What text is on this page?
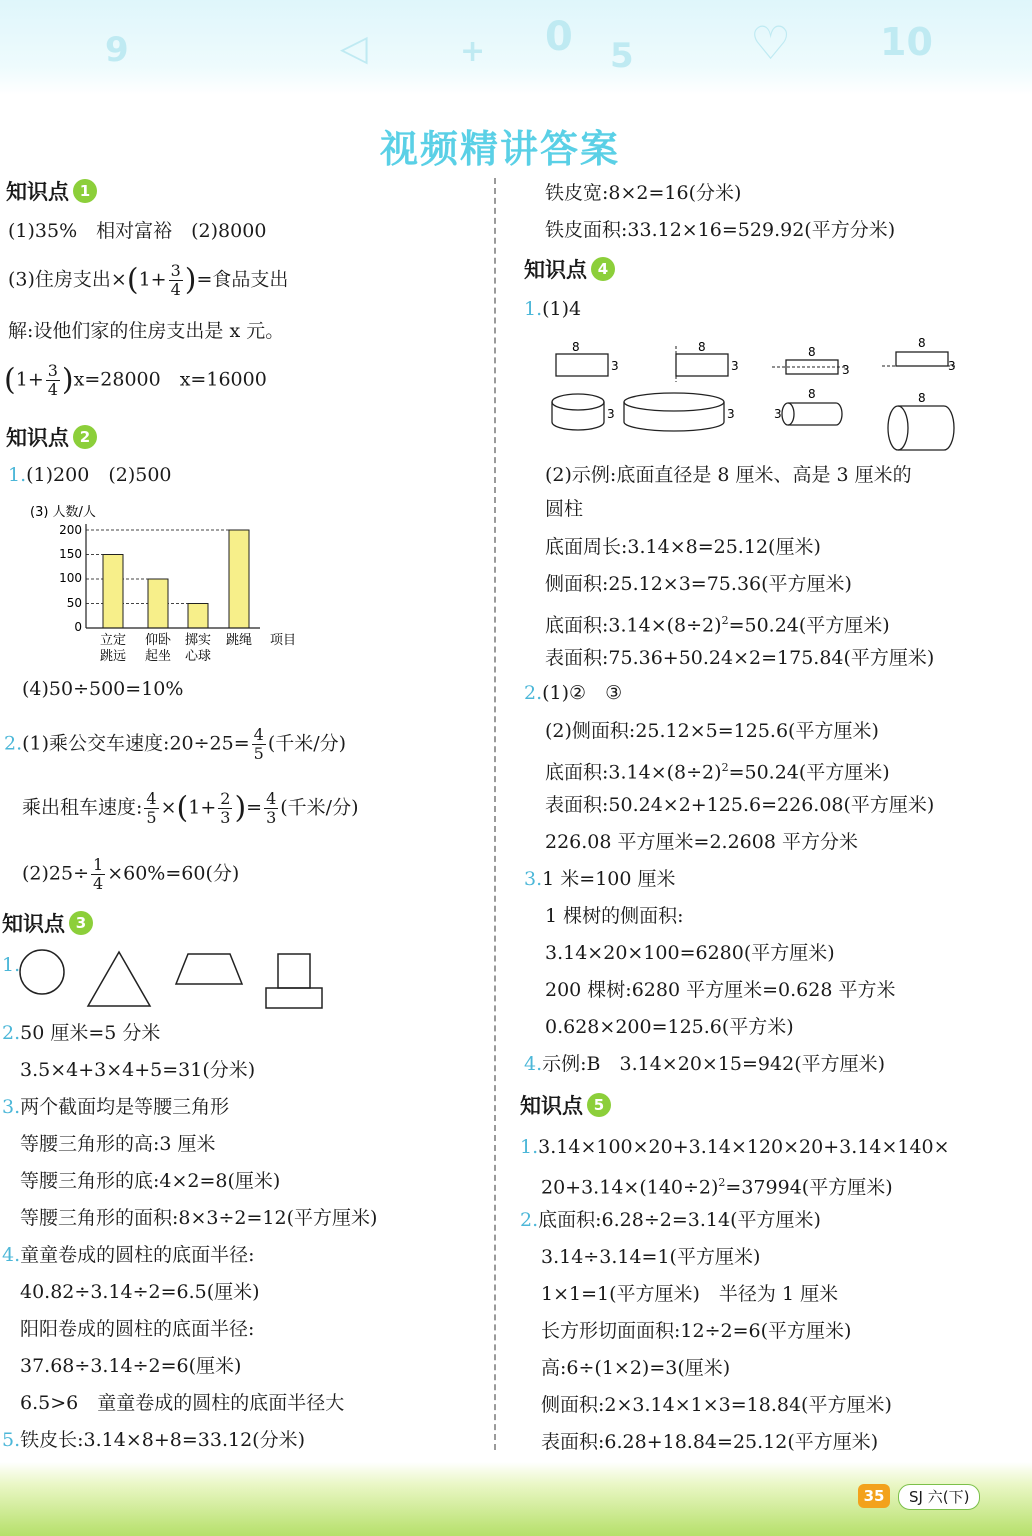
9	◁	+ 0 5	♡ 10
视频精讲答案
知识点 1
(1)35%　相对富裕　(2)8000
(3)住房支出$\times(1+ \frac{3}{4}$ )=食品支出
解:设他们家的住房支出是 x 元。
$(1+ \frac{3}{4} )x=28000$　x=16000
知识点 2
1.(1)200　(2)500
(3) 人数/人
200
150
100
50
0
立定
跳远
仰卧
起坐
掷实
心球
跳绳 项目
(4)50÷500=10%
2.(1)乘公交车速度:20÷25= $\frac{4}{5}$ (千米/分)
乘出租车速度: $\frac{4}{5} \times(1+ \frac{2}{3}$ )= $\frac{4}{3}$ (千米/分)
$(2)25\div \frac{1}{4} \times 60\%=60$(分)
知识点 3
1.
2.50 厘米=5 分米
3.5×4+3×4+5=31(分米)
3.两个截面均是等腰三角形
等腰三角形的高:3 厘米
等腰三角形的底:4×2=8(厘米)
等腰三角形的面积:8×3÷2=12(平方厘米)
4.童童卷成的圆柱的底面半径:
40.82÷3.14÷2=6.5(厘米)
阳阳卷成的圆柱的底面半径:
37.68÷3.14÷2=6(厘米)
6.5>6　童童卷成的圆柱的底面半径大
5.铁皮长:3.14×8+8=33.12(分米)
铁皮宽:8×2=16(分米)
铁皮面积:33.12×16=529.92(平方分米)
知识点 4
1.(1)4
8
3
3
8
3
3
8
3
8
3
8
3
8
(2)示例:底面直径是 8 厘米、高是 3 厘米的
圆柱
底面周长:3.14×8=25.12(厘米)
侧面积:25.12×3=75.36(平方厘米)
底面积$:3.14\times(8\div 2)^2=50.24$(平方厘米)
表面积:75.36+50.24×2=175.84(平方厘米)
2.(1)②　③
(2)侧面积:25.12×5=125.6(平方厘米)
底面积$:3.14\times(8\div 2)^2=50.24$(平方厘米)
表面积:50.24×2+125.6=226.08(平方厘米)
226.08 平方厘米=2.2608 平方分米
3.1 米=100 厘米
1 棵树的侧面积:
3.14×20×100=6280(平方厘米)
200 棵树:6280 平方厘米=0.628 平方米
0.628×200=125.6(平方米)
4.示例:B　3.14×20×15=942(平方厘米)
知识点 5
1.3.14×100×20+3.14×120×20+3.14×140×
$20+3.14\times(140\div 2)^2=37994$(平方厘米)
2.底面积:6.28÷2=3.14(平方厘米)
3.14÷3.14=1(平方厘米)
1×1=1(平方厘米)　半径为 1 厘米
长方形切面面积:12÷2=6(平方厘米)
高:6÷(1×2)=3(厘米)
侧面积:2×3.14×1×3=18.84(平方厘米)
表面积:6.28+18.84=25.12(平方厘米)
35	SJ 六(下)
